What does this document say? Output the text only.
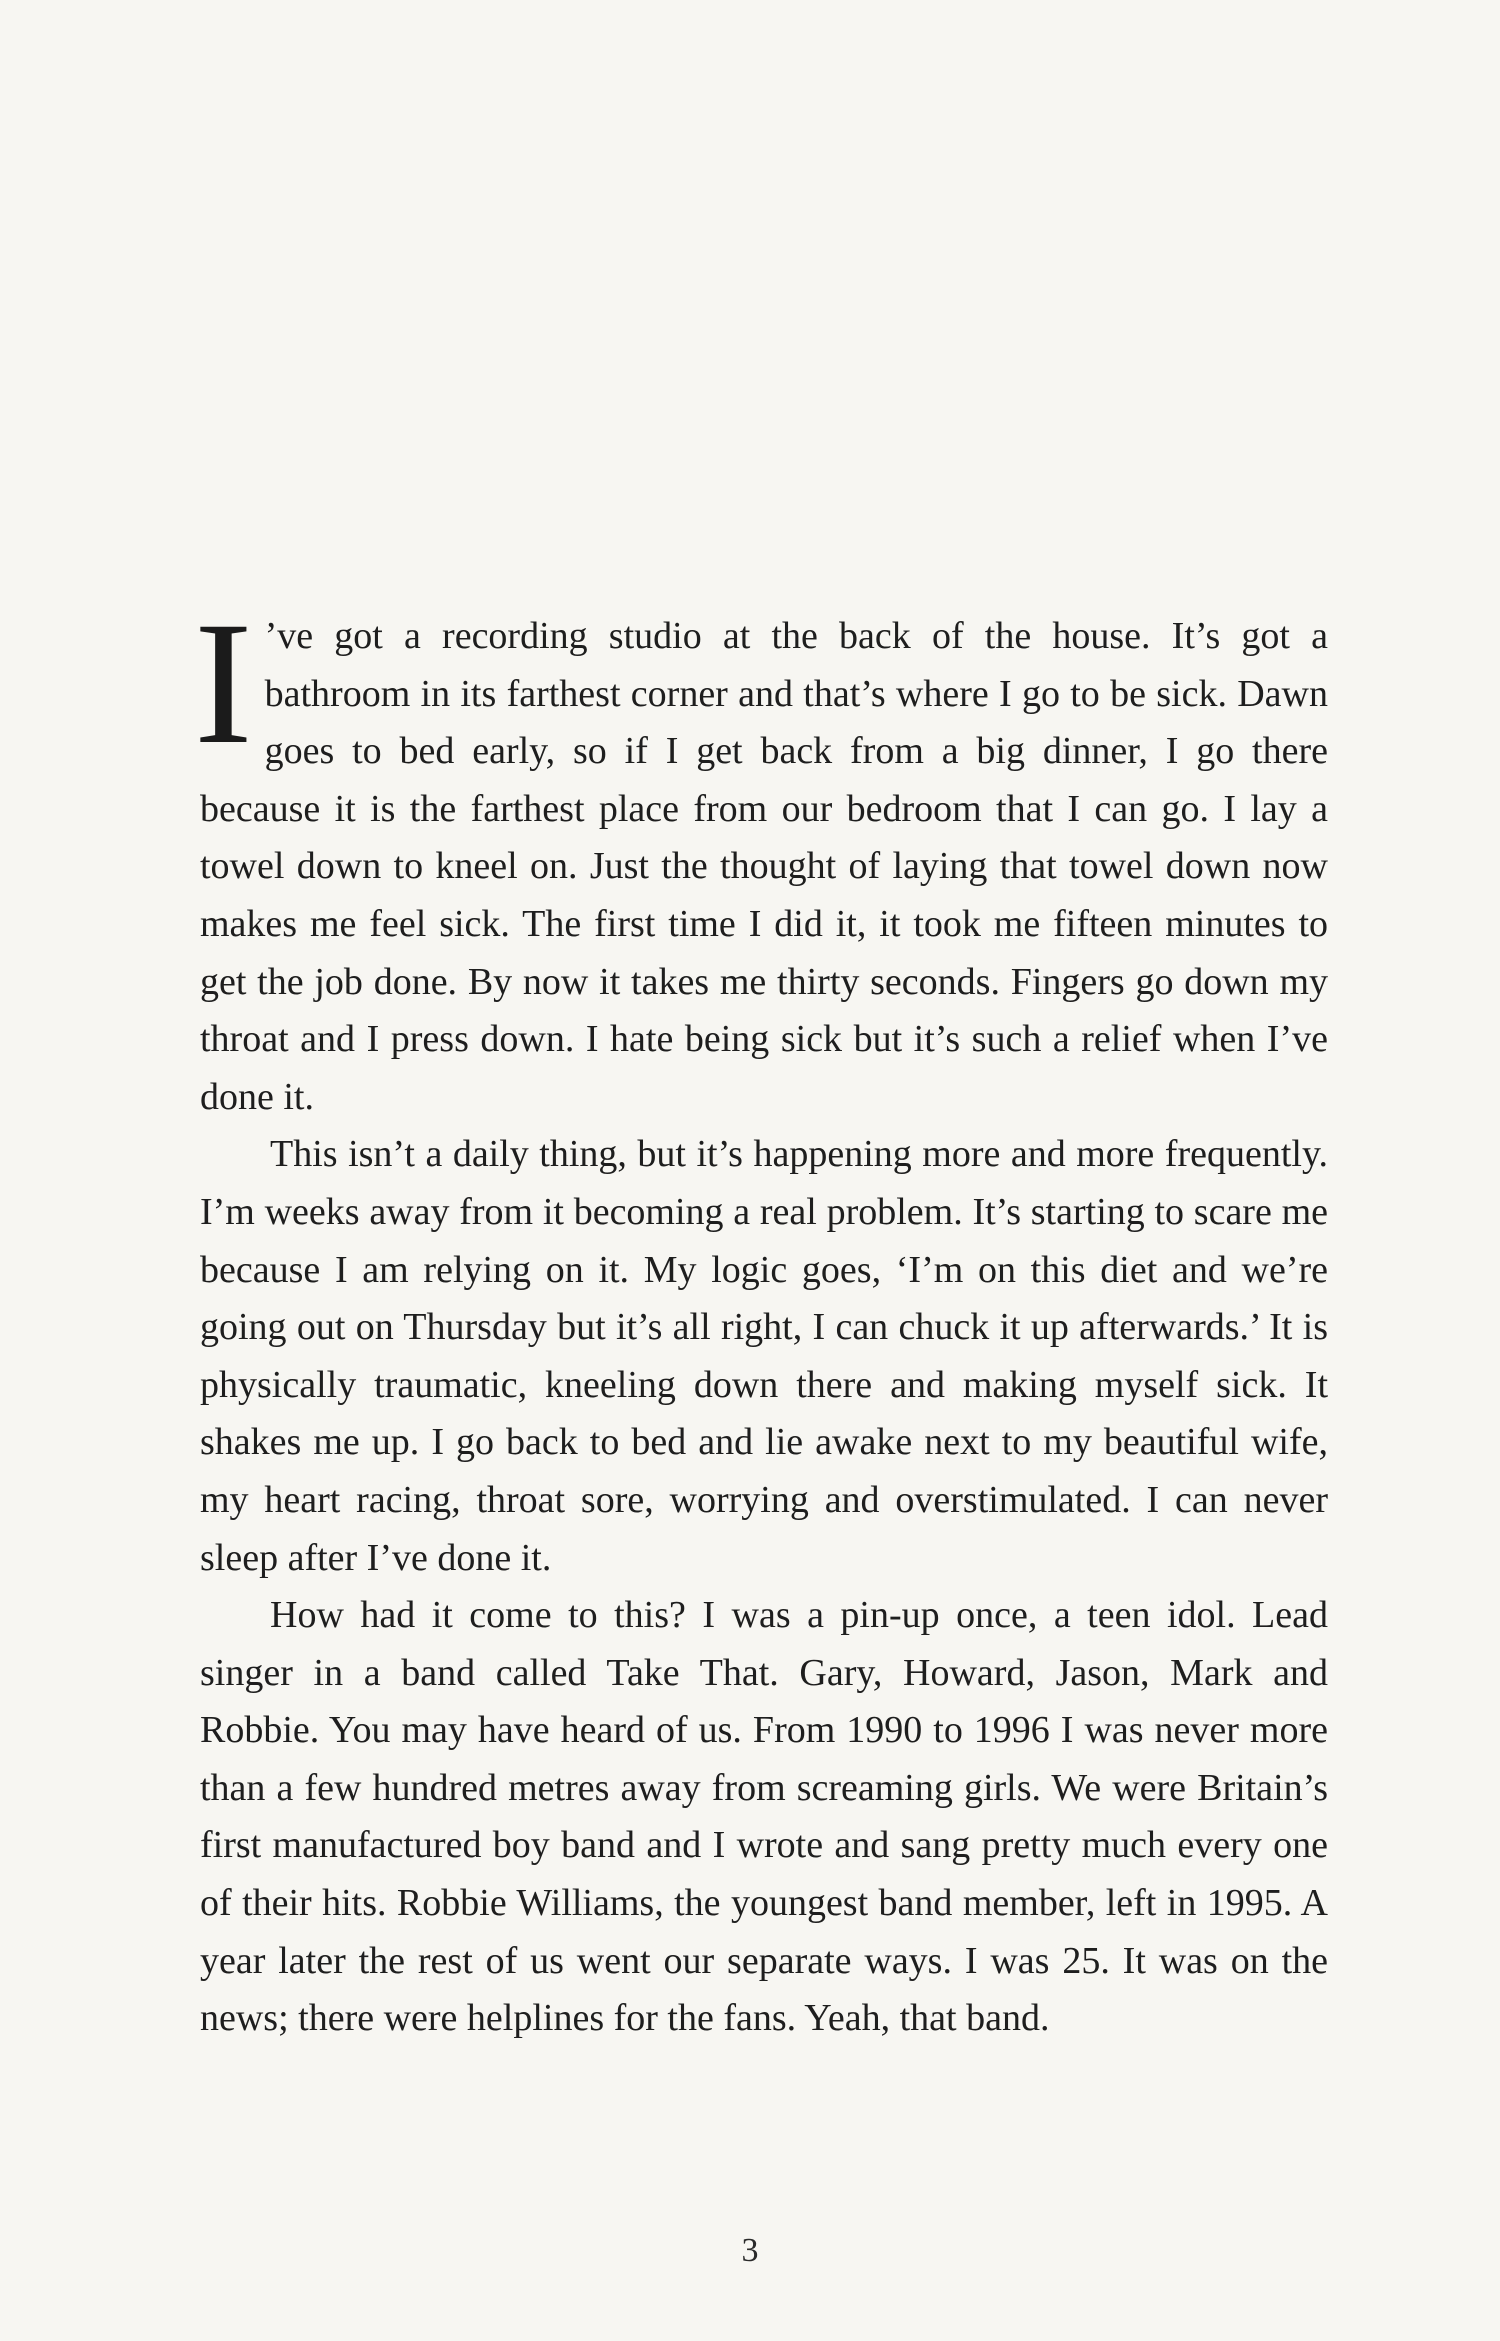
I ’ve got a recording studio at the back of the house. It’s got a bathroom in its farthest corner and that’s where I go to be sick. Dawn goes to bed early, so if I get back from a big dinner, I go there because it is the farthest place from our bedroom that I can go. I lay a towel down to kneel on. Just the thought of laying that towel down now makes me feel sick. The first time I did it, it took me fifteen minutes to get the job done. By now it takes me thirty seconds. Fingers go down my throat and I press down. I hate being sick but it’s such a relief when I’ve done it.

This isn’t a daily thing, but it’s happening more and more frequently. I’m weeks away from it becoming a real problem. It’s starting to scare me because I am relying on it. My logic goes, ‘I’m on this diet and we’re going out on Thursday but it’s all right, I can chuck it up afterwards.’ It is physically traumatic, kneeling down there and making myself sick. It shakes me up. I go back to bed and lie awake next to my beautiful wife, my heart racing, throat sore, worrying and overstimulated. I can never sleep after I’ve done it.

How had it come to this? I was a pin-up once, a teen idol. Lead singer in a band called Take That. Gary, Howard, Jason, Mark and Robbie. You may have heard of us. From 1990 to 1996 I was never more than a few hundred metres away from screaming girls. We were Britain’s first manufactured boy band and I wrote and sang pretty much every one of their hits. Robbie Williams, the youngest band member, left in 1995. A year later the rest of us went our separate ways. I was 25. It was on the news; there were helplines for the fans. Yeah, that band.

3
